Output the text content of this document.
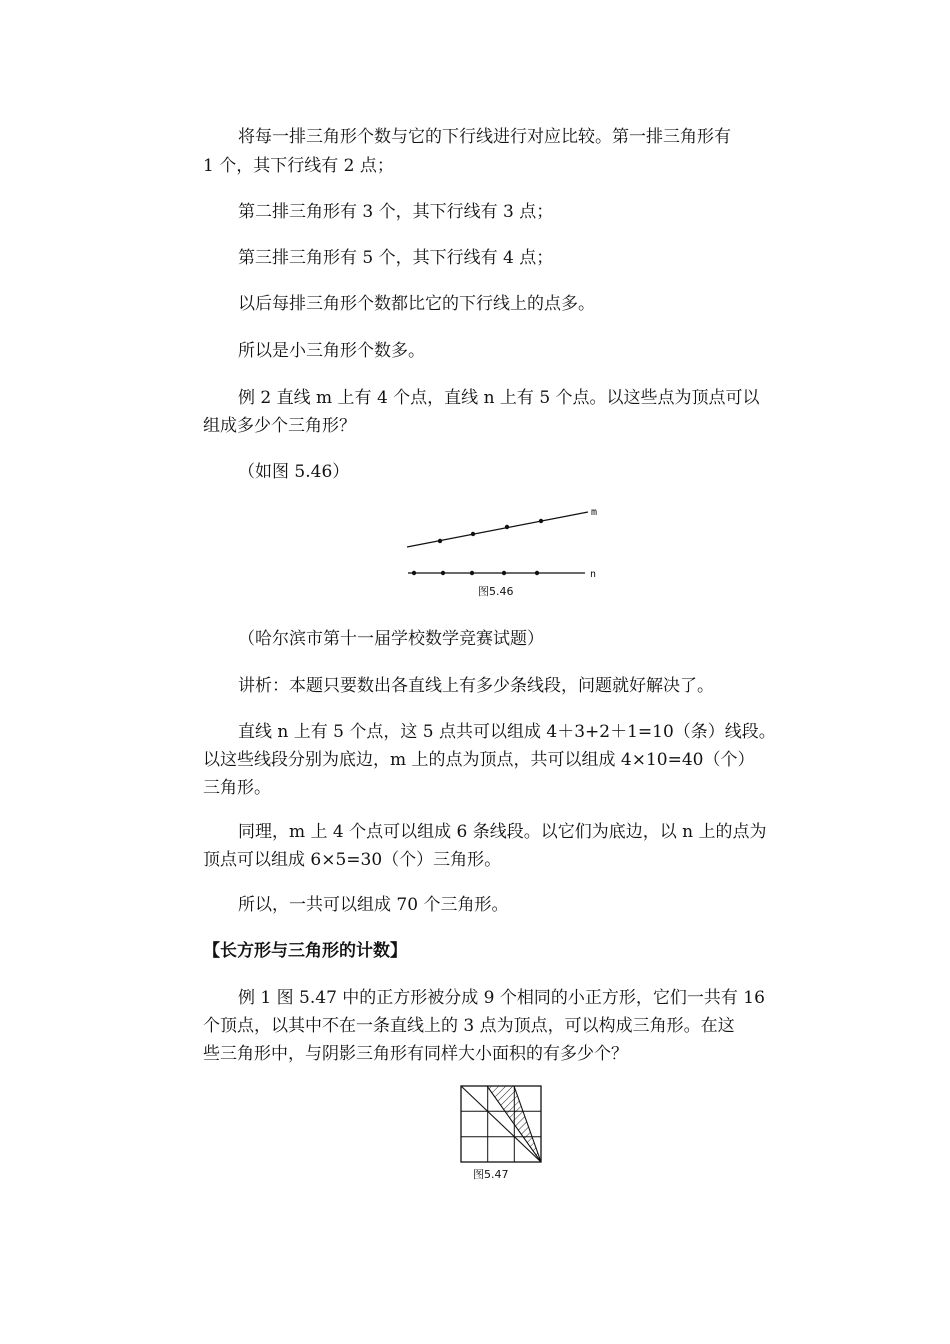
将每一排三角形个数与它的下行线进行对应比较。第一排三角形有
1 个，其下行线有 2 点；
第二排三角形有 3 个，其下行线有 3 点；
第三排三角形有 5 个，其下行线有 4 点；
以后每排三角形个数都比它的下行线上的点多。
所以是小三角形个数多。
例 2 直线 m 上有 4 个点，直线 n 上有 5 个点。以这些点为顶点可以
组成多少个三角形？
（如图 5.46）
m
n
图5.46
（哈尔滨市第十一届学校数学竞赛试题）
讲析：本题只要数出各直线上有多少条线段，问题就好解决了。
直线 n 上有 5 个点，这 5 点共可以组成 4＋3+2＋1=10（条）线段。
以这些线段分别为底边，m 上的点为顶点，共可以组成 4×10=40（个）
三角形。
同理，m 上 4 个点可以组成 6 条线段。以它们为底边，以 n 上的点为
顶点可以组成 6×5=30（个）三角形。
所以，一共可以组成 70 个三角形。
【长方形与三角形的计数】
例 1 图 5.47 中的正方形被分成 9 个相同的小正方形，它们一共有 16
个顶点，以其中不在一条直线上的 3 点为顶点，可以构成三角形。在这
些三角形中，与阴影三角形有同样大小面积的有多少个？
图5.47
